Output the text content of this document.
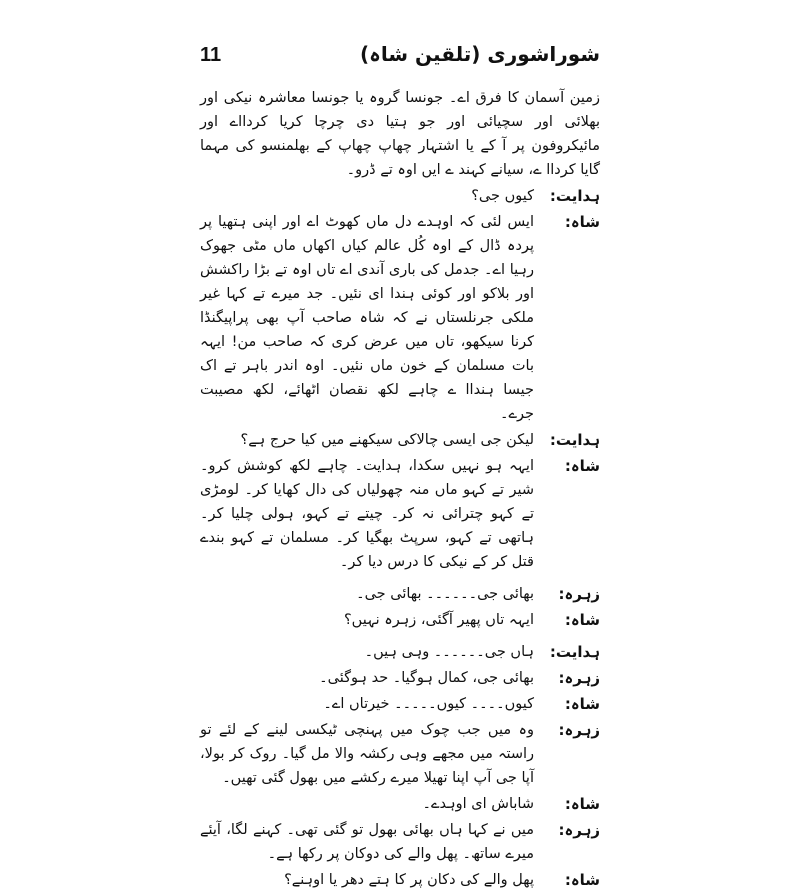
11	شوراشوری (تلقین شاہ)
زمین آسمان کا فرق اے۔ جونسا گروہ یا جونسا معاشرہ نیکی اور بھلائی اور سچیائی اور جو ہتیا دی چرچا کریا کردااے اور مائیکروفون پر آ کے یا اشتہار چھاپ چھاپ کے بھلمنسو کی مہما گایا کرداا ے، سیانے کہند ے ایں اوہ تے ڈرو۔
ہدایت:
کیوں جی؟
شاہ:
ایس لئی کہ اوہدے دل ماں کھوٹ اے اور اپنی ہتھیا پر پردہ ڈال کے اوہ کُل عالم کیاں اکھاں ماں مٹی جھوک رہیا اے۔ جدمل کی باری آندی اے تاں اوہ تے بڑا راکشش اور بلاکو اور کوئی ہندا ای نئیں۔ جد میرے تے کہا غیر ملکی جرنلستاں نے کہ شاہ صاحب آپ بھی پراپیگنڈا کرنا سیکھو، تاں میں عرض کری کہ صاحب من! ایہہ بات مسلمان کے خون ماں نئیں۔ اوہ اندر باہر تے اک جیسا ہنداا ے چاہے لکھ نقصان اٹھائے، لکھ مصیبت جرے۔
ہدایت:
لیکن جی ایسی چالاکی سیکھنے میں کیا حرج ہے؟
شاہ:
ایہہ ہو نہیں سکدا، ہدایت۔ چاہے لکھ کوشش کرو۔ شیر تے کہو ماں منہ چھولیاں کی دال کھایا کر۔ لومڑی تے کہو چترائی نہ کر۔ چیتے تے کہو، ہولی چلیا کر۔ ہاتھی تے کہو، سرپٹ بھگیا کر۔ مسلمان تے کہو بندے قتل کر کے نیکی کا درس دیا کر۔
زہرہ:
بھائی جی۔۔۔۔۔۔ بھائی جی۔
شاہ:
ایہہ تاں پھیر آگئی، زہرہ نہیں؟
ہدایت:
ہاں جی۔۔۔۔۔۔ وہی ہیں۔
زہرہ:
بھائی جی، کمال ہوگیا۔ حد ہوگئی۔
شاہ:
کیوں۔۔۔۔ کیوں۔۔۔۔۔ خیرتاں اے۔
زہرہ:
وہ میں جب چوک میں پہنچی ٹیکسی لینے کے لئے تو راستہ میں مجھے وہی رکشہ والا مل گیا۔ روک کر بولا، آپا جی آپ اپنا تھیلا میرے رکشے میں بھول گئی تھیں۔
شاہ:
شاباش ای اوہدے۔
زہرہ:
میں نے کہا ہاں بھائی بھول تو گئی تھی۔ کہنے لگا، آیئے میرے ساتھ۔ پھل والے کی دوکان پر رکھا ہے۔
شاہ:
پھل والے کی دکان پر کا ہتے دھر یا اوہنے؟
